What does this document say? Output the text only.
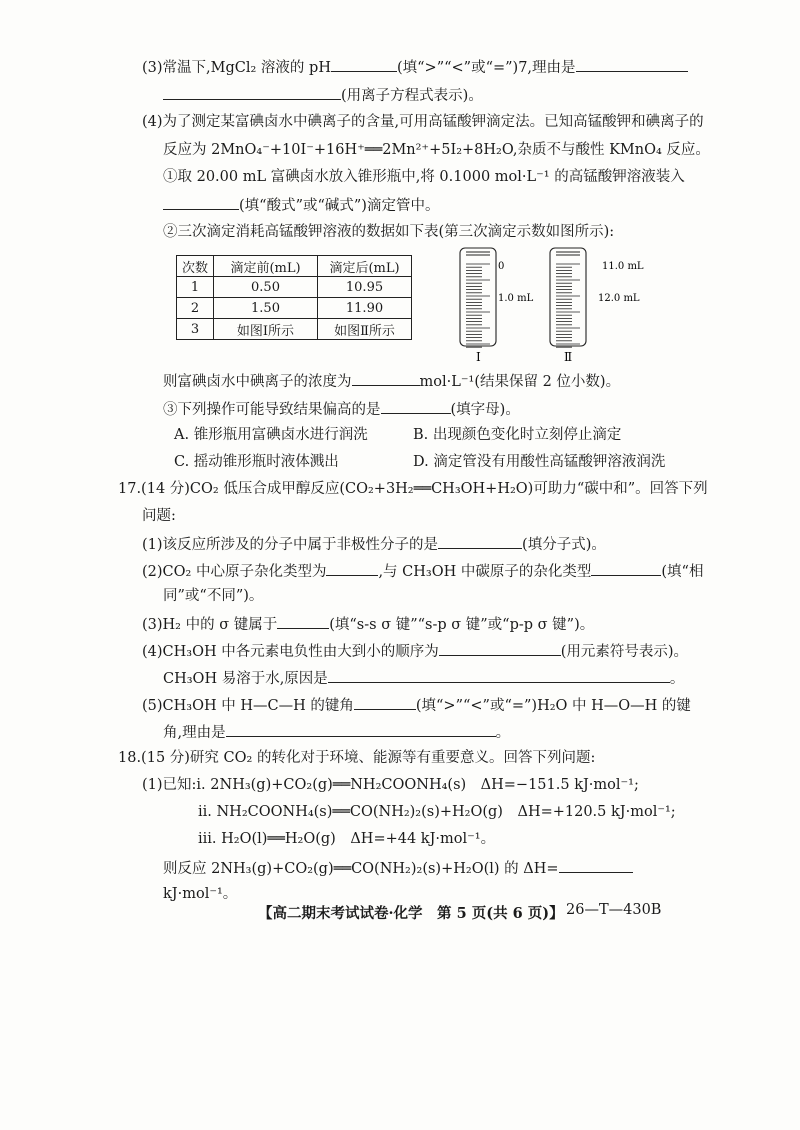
(3)常温下,MgCl₂ 溶液的 pH	(填“>”“<”或“=”)7,理由是
(用离子方程式表示)。
(4)为了测定某富碘卤水中碘离子的含量,可用高锰酸钾滴定法。已知高锰酸钾和碘离子的
反应为 2MnO₄⁻+10I⁻+16H⁺══2Mn²⁺+5I₂+8H₂O,杂质不与酸性 KMnO₄ 反应。
①取 20.00 mL 富碘卤水放入锥形瓶中,将 0.1000 mol·L⁻¹ 的高锰酸钾溶液装入
(填“酸式”或“碱式”)滴定管中。
②三次滴定消耗高锰酸钾溶液的数据如下表(第三次滴定示数如图所示):
次数	滴定前(mL)	滴定后(mL)
1	0.50	10.95
2	1.50	11.90
3	如图Ⅰ所示	如图Ⅱ所示
0
1.0 mL
11.0 mL
12.0 mL
Ⅰ	Ⅱ
则富碘卤水中碘离子的浓度为	mol·L⁻¹(结果保留 2 位小数)。
③下列操作可能导致结果偏高的是	(填字母)。
A. 锥形瓶用富碘卤水进行润洗	B. 出现颜色变化时立刻停止滴定
C. 摇动锥形瓶时液体溅出	D. 滴定管没有用酸性高锰酸钾溶液润洗
17.(14 分)CO₂ 低压合成甲醇反应(CO₂+3H₂══CH₃OH+H₂O)可助力“碳中和”。回答下列
问题:
(1)该反应所涉及的分子中属于非极性分子的是	(填分子式)。
(2)CO₂ 中心原子杂化类型为	,与 CH₃OH 中碳原子的杂化类型	(填“相
同”或“不同”)。
(3)H₂ 中的 σ 键属于	(填“s-s σ 键”“s-p σ 键”或“p-p σ 键”)。
(4)CH₃OH 中各元素电负性由大到小的顺序为	(用元素符号表示)。
CH₃OH 易溶于水,原因是	。
(5)CH₃OH 中 H—C—H 的键角	(填“>”“<”或“=”)H₂O 中 H—O—H 的键
角,理由是	。
18.(15 分)研究 CO₂ 的转化对于环境、能源等有重要意义。回答下列问题:
(1)已知:ⅰ. 2NH₃(g)+CO₂(g)══NH₂COONH₄(s)　ΔH=−151.5 kJ·mol⁻¹;
ⅱ. NH₂COONH₄(s)══CO(NH₂)₂(s)+H₂O(g)　ΔH=+120.5 kJ·mol⁻¹;
ⅲ. H₂O(l)══H₂O(g)　ΔH=+44 kJ·mol⁻¹。
则反应 2NH₃(g)+CO₂(g)══CO(NH₂)₂(s)+H₂O(l) 的 ΔH=
kJ·mol⁻¹。
【高二期末考试试卷·化学　第 5 页(共 6 页)】 26—T—430B
